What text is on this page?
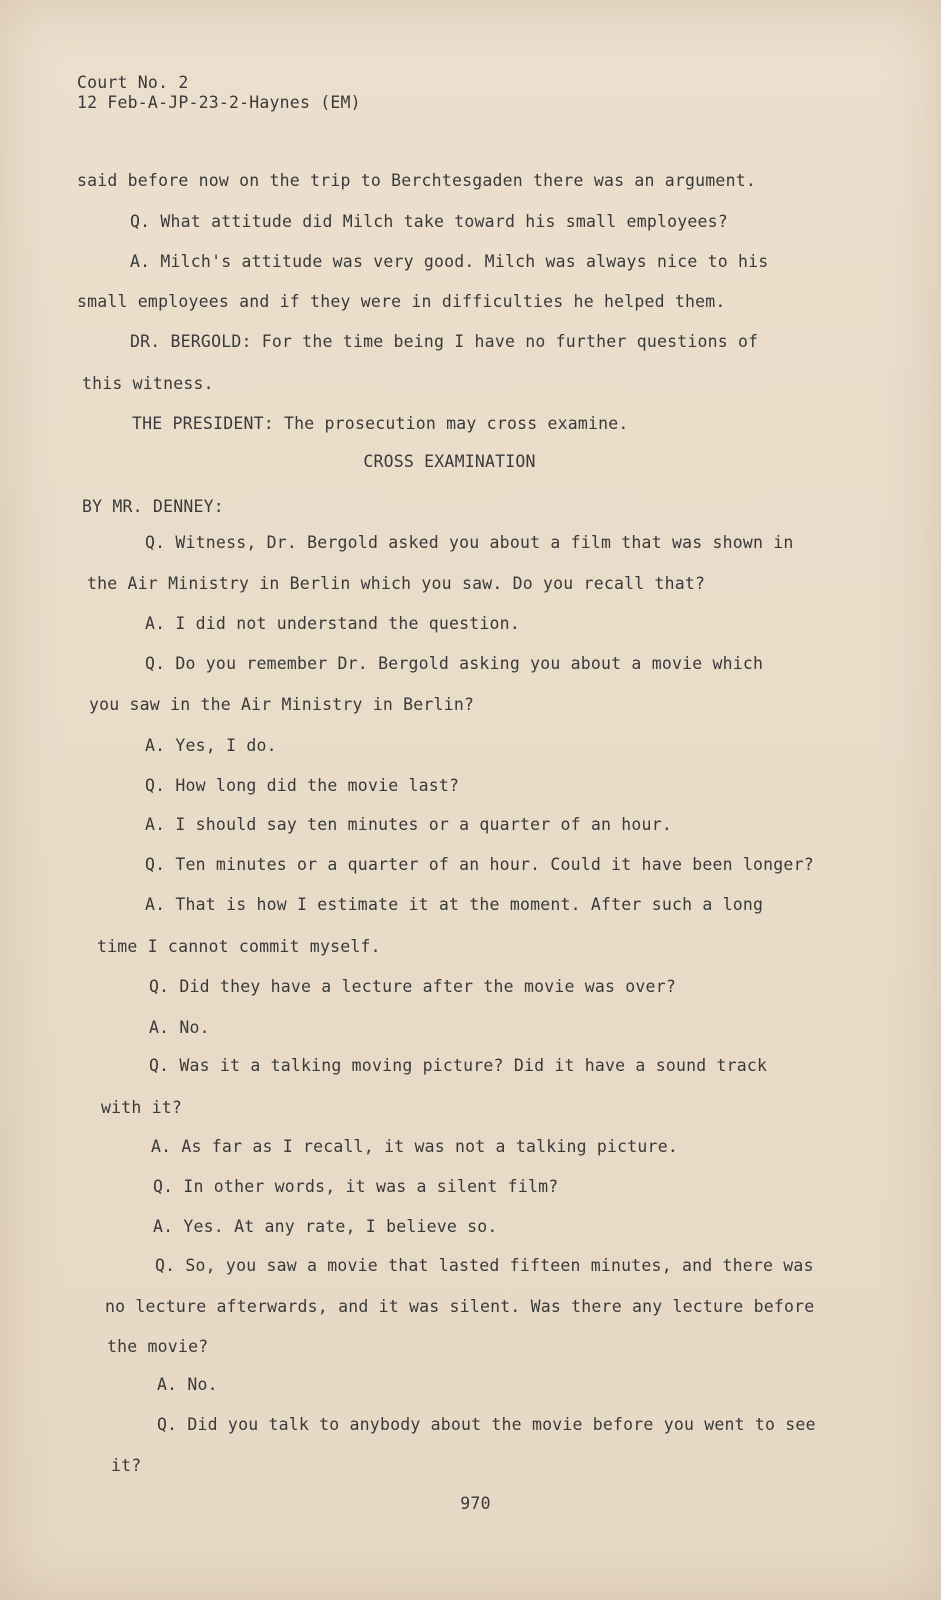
Court No. 2
12 Feb-A-JP-23-2-Haynes (EM)
said before now on the trip to Berchtesgaden there was an argument.
Q. What attitude did Milch take toward his small employees?
A. Milch's attitude was very good. Milch was always nice to his
small employees and if they were in difficulties he helped them.
DR. BERGOLD: For the time being I have no further questions of
this witness.
THE PRESIDENT: The prosecution may cross examine.
CROSS EXAMINATION
BY MR. DENNEY:
Q. Witness, Dr. Bergold asked you about a film that was shown in
the Air Ministry in Berlin which you saw. Do you recall that?
A. I did not understand the question.
Q. Do you remember Dr. Bergold asking you about a movie which
you saw in the Air Ministry in Berlin?
A. Yes, I do.
Q. How long did the movie last?
A. I should say ten minutes or a quarter of an hour.
Q. Ten minutes or a quarter of an hour. Could it have been longer?
A. That is how I estimate it at the moment. After such a long
time I cannot commit myself.
Q. Did they have a lecture after the movie was over?
A. No.
Q. Was it a talking moving picture? Did it have a sound track
with it?
A. As far as I recall, it was not a talking picture.
Q. In other words, it was a silent film?
A. Yes. At any rate, I believe so.
Q. So, you saw a movie that lasted fifteen minutes, and there was
no lecture afterwards, and it was silent. Was there any lecture before
the movie?
A. No.
Q. Did you talk to anybody about the movie before you went to see
it?
970
